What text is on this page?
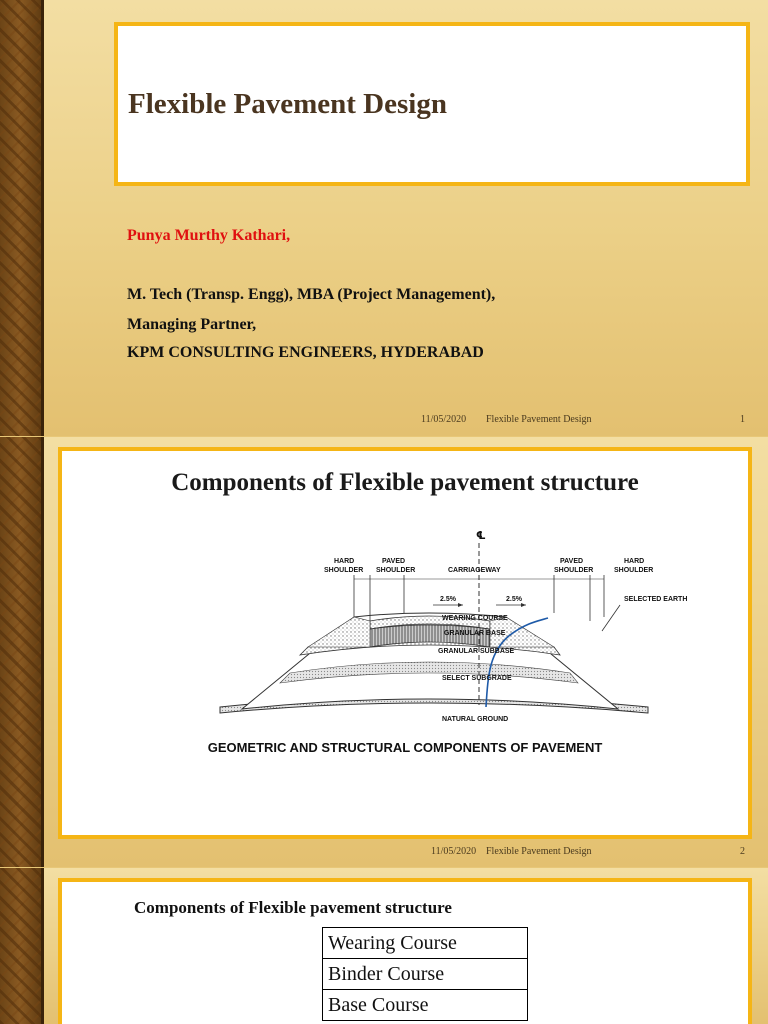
Flexible Pavement Design
Punya Murthy Kathari,
M. Tech (Transp. Engg), MBA (Project Management),
Managing Partner,
KPM CONSULTING ENGINEERS, HYDERABAD
11/05/2020 Flexible Pavement Design	1
Components of Flexible pavement structure
℄
HARD
SHOULDER
PAVED
SHOULDER	CARRIAGEWAY
PAVED
SHOULDER
HARD
SHOULDER
2.5%	2.5%	SELECTED EARTH
WEARING COURSE
GRANULAR BASE
GRANULAR SUBBASE
SELECT SUBGRADE
NATURAL GROUND
GEOMETRIC AND STRUCTURAL COMPONENTS OF PAVEMENT
11/05/2020 Flexible Pavement Design	2
Components of Flexible pavement structure
Wearing Course
Binder Course
Base Course
